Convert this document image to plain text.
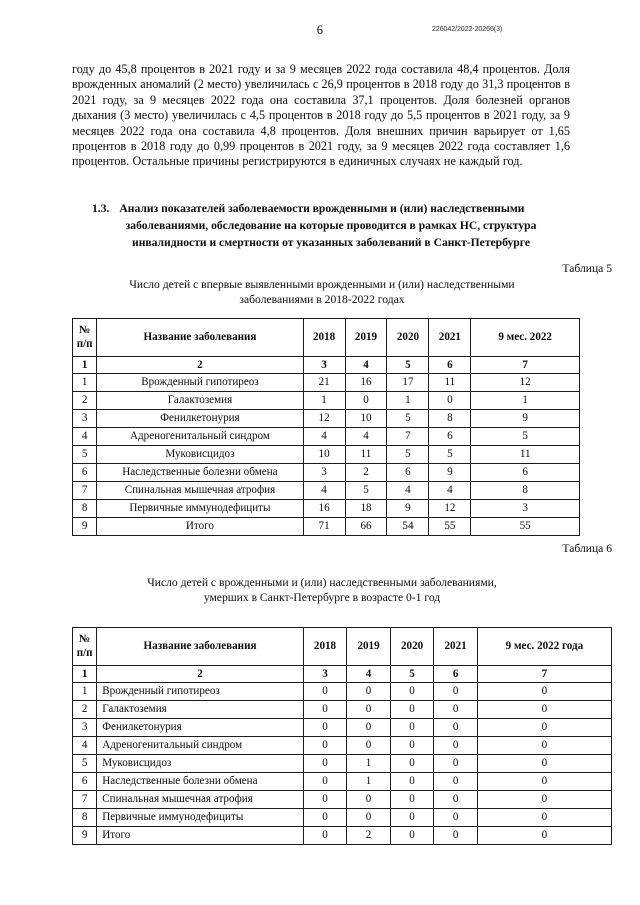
6	226042/2022-20266(3)

году до 45,8 процентов в 2021 году и за 9 месяцев 2022 года составила 48,4 процентов. Доля врожденных аномалий (2 место) увеличилась с 26,9 процентов в 2018 году до 31,3 процентов в 2021 году, за 9 месяцев 2022 года она составила 37,1 процентов. Доля болезней органов дыхания (3 место) увеличилась с 4,5 процентов в 2018 году до 5,5 процентов в 2021 году, за 9 месяцев 2022 года она составила 4,8 процентов. Доля внешних причин варьирует от 1,65 процентов в 2018 году до 0,99 процентов в 2021 году, за 9 месяцев 2022 года составляет 1,6 процентов. Остальные причины регистрируются в единичных случаях не каждый год.

1.3. Анализ показателей заболеваемости врожденными и (или) наследственными
заболеваниями, обследование на которые проводится в рамках НС, структура
инвалидности и смертности от указанных заболеваний в Санкт-Петербурге
Таблица 5
Число детей с впервые выявленными врожденными и (или) наследственными
заболеваниями в 2018-2022 годах
№
п/п	Название заболевания	2018	2019	2020	2021	9 мес. 2022
1	2	3	4	5	6	7
1	Врожденный гипотиреоз	21	16	17	11	12
2	Галактоземия	1	0	1	0	1
3	Фенилкетонурия	12	10	5	8	9
4	Адреногенитальный синдром	4	4	7	6	5
5	Муковисцидоз	10	11	5	5	11
6	Наследственные болезни обмена	3	2	6	9	6
7	Спинальная мышечная атрофия	4	5	4	4	8
8	Первичные иммунодефициты	16	18	9	12	3
9	Итого	71	66	54	55	55
Таблица 6
Число детей с врожденными и (или) наследственными заболеваниями,
умерших в Санкт-Петербурге в возрасте 0-1 год
№
п/п	Название заболевания	2018	2019	2020	2021	9 мес. 2022 года
1	2	3	4	5	6	7
1	Врожденный гипотиреоз	0	0	0	0	0
2	Галактоземия	0	0	0	0	0
3	Фенилкетонурия	0	0	0	0	0
4	Адреногенитальный синдром	0	0	0	0	0
5	Муковисцидоз	0	1	0	0	0
6	Наследственные болезни обмена	0	1	0	0	0
7	Спинальная мышечная атрофия	0	0	0	0	0
8	Первичные иммунодефициты	0	0	0	0	0
9	Итого	0	2	0	0	0
